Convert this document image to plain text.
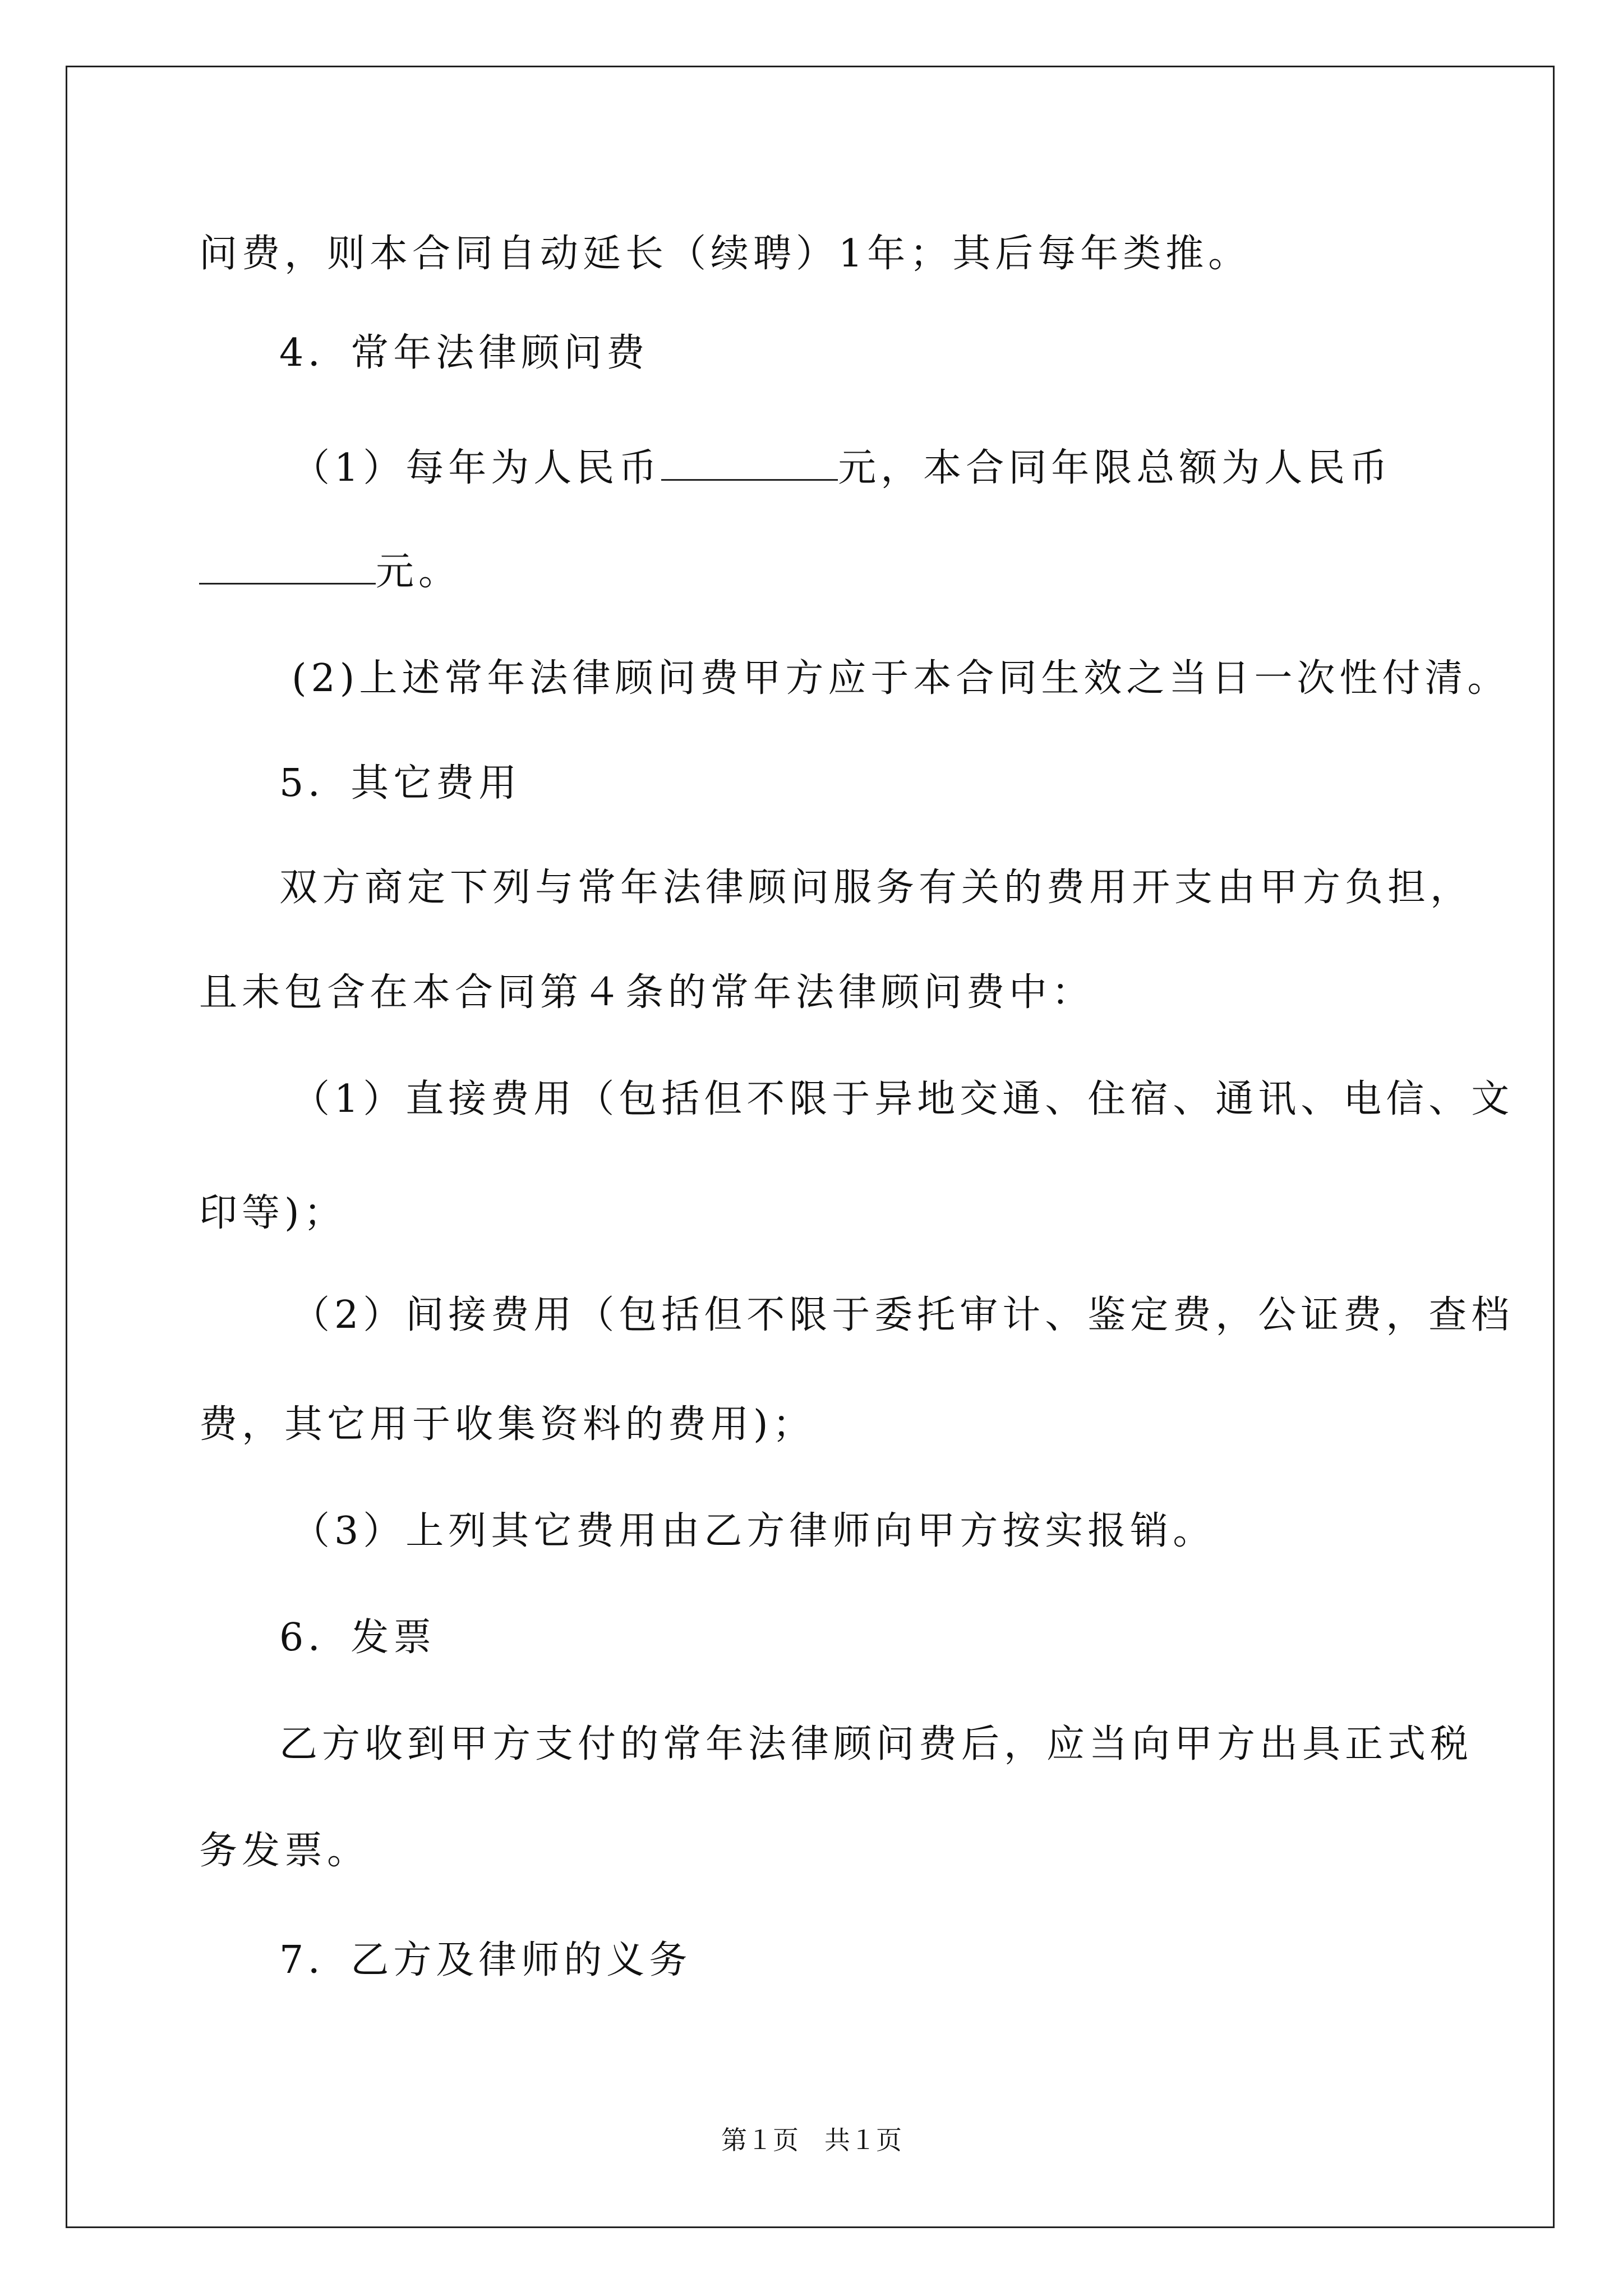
问费，则本合同自动延长（续聘）1年；其后每年类推。

4．常年法律顾问费

（1）每年为人民币	元，本合同年限总额为人民币

元。

(2)上述常年法律顾问费甲方应于本合同生效之当日一次性付清。

5．其它费用

双方商定下列与常年法律顾问服务有关的费用开支由甲方负担，

且未包含在本合同第４条的常年法律顾问费中：

（1）直接费用（包括但不限于异地交通、住宿、通讯、电信、文

印等)；

（2）间接费用（包括但不限于委托审计、鉴定费，公证费，查档

费，其它用于收集资料的费用)；

（3）上列其它费用由乙方律师向甲方按实报销。

6．发票

乙方收到甲方支付的常年法律顾问费后，应当向甲方出具正式税

务发票。

7．乙方及律师的义务

第１页　共１页
